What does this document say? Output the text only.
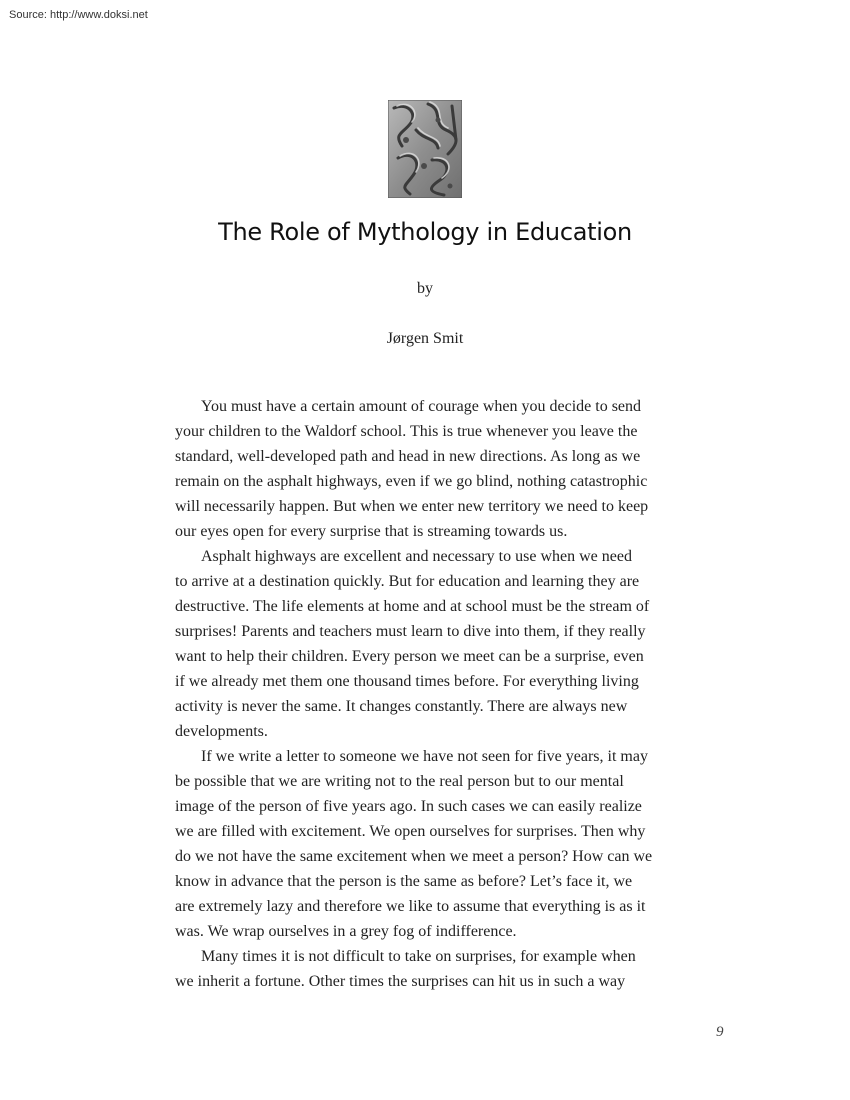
Source: http://www.doksi.net
The Role of Mythology in Education
by
Jørgen Smit
You must have a certain amount of courage when you decide to send
your children to the Waldorf school. This is true whenever you leave the
standard, well-developed path and head in new directions. As long as we
remain on the asphalt highways, even if we go blind, nothing catastrophic
will necessarily happen. But when we enter new territory we need to keep
our eyes open for every surprise that is streaming towards us.
Asphalt highways are excellent and necessary to use when we need
to arrive at a destination quickly. But for education and learning they are
destructive. The life elements at home and at school must be the stream of
surprises! Parents and teachers must learn to dive into them, if they really
want to help their children. Every person we meet can be a surprise, even
if we already met them one thousand times before. For everything living
activity is never the same. It changes constantly. There are always new
developments.
If we write a letter to someone we have not seen for five years, it may
be possible that we are writing not to the real person but to our mental
image of the person of five years ago. In such cases we can easily realize
we are filled with excitement. We open ourselves for surprises. Then why
do we not have the same excitement when we meet a person? How can we
know in advance that the person is the same as before? Let’s face it, we
are extremely lazy and therefore we like to assume that everything is as it
was. We wrap ourselves in a grey fog of indifference.
Many times it is not difficult to take on surprises, for example when
we inherit a fortune. Other times the surprises can hit us in such a way
9
